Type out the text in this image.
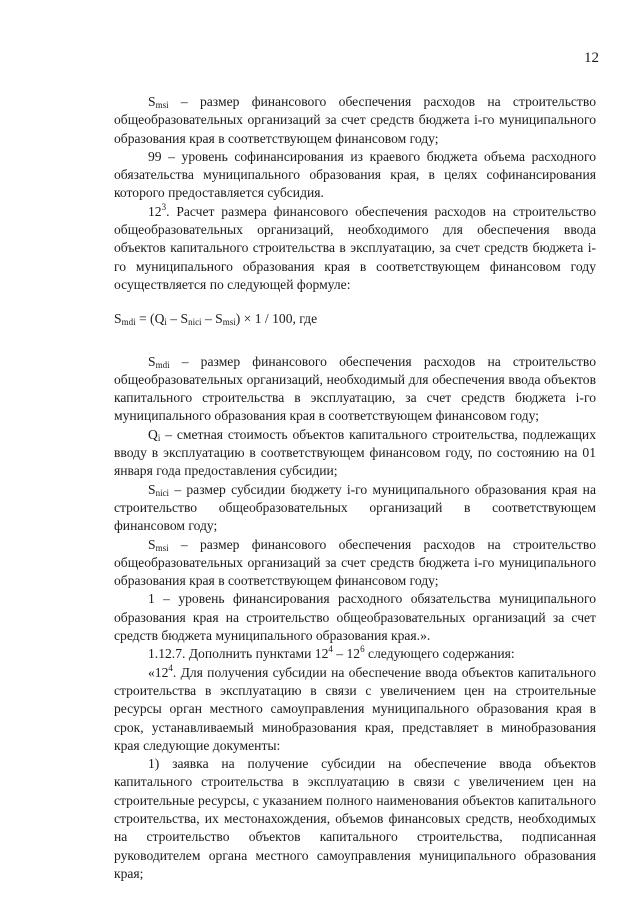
12

$S_{msi}$ – размер финансового обеспечения расходов на строительство общеобразовательных организаций за счет средств бюджета i-го муниципального образования края в соответствующем финансовом году;

99 – уровень софинансирования из краевого бюджета объема расходного обязательства муниципального образования края, в целях софинансирования которого предоставляется субсидия.

$12^3$. Расчет размера финансового обеспечения расходов на строительство общеобразовательных организаций, необходимого для обеспечения ввода объектов капитального строительства в эксплуатацию, за счет средств бюджета i-го муниципального образования края в соответствующем финансовом году осуществляется по следующей формуле:

$S_{mdi} = (Q_i - S_{nici} - S_{msi}) \times 1 / 100$, где

$S_{mdi}$ – размер финансового обеспечения расходов на строительство общеобразовательных организаций, необходимый для обеспечения ввода объектов капитального строительства в эксплуатацию, за счет средств бюджета i-го муниципального образования края в соответствующем финансовом году;

$Q_i$ – сметная стоимость объектов капитального строительства, подлежащих вводу в эксплуатацию в соответствующем финансовом году, по состоянию на 01 января года предоставления субсидии;

$S_{nici}$ – размер субсидии бюджету i-го муниципального образования края на строительство общеобразовательных организаций в соответствующем финансовом году;

$S_{msi}$ – размер финансового обеспечения расходов на строительство общеобразовательных организаций за счет средств бюджета i-го муниципального образования края в соответствующем финансовом году;

1 – уровень финансирования расходного обязательства муниципального образования края на строительство общеобразовательных организаций за счет средств бюджета муниципального образования края.».

1.12.7. Дополнить пунктами $12^4 - 12^6$ следующего содержания:

«$12^4$. Для получения субсидии на обеспечение ввода объектов капитального строительства в эксплуатацию в связи с увеличением цен на строительные ресурсы орган местного самоуправления муниципального образования края в срок, устанавливаемый минобразования края, представляет в минобразования края следующие документы:

1) заявка на получение субсидии на обеспечение ввода объектов капитального строительства в эксплуатацию в связи с увеличением цен на строительные ресурсы, с указанием полного наименования объектов капитального строительства, их местонахождения, объемов финансовых средств, необходимых на строительство объектов капитального строительства, подписанная руководителем органа местного самоуправления муниципального образования края;
